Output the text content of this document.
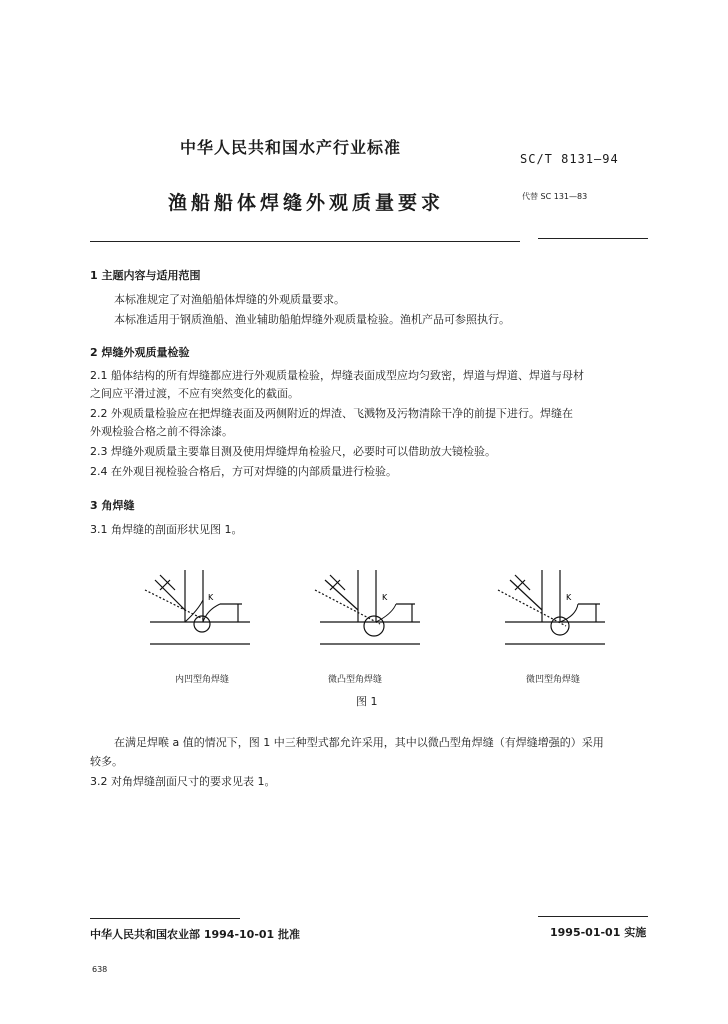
中华人民共和国水产行业标准
SC/T 8131—94
渔船船体焊缝外观质量要求	代替 SC 131—83
1 主题内容与适用范围
本标准规定了对渔船船体焊缝的外观质量要求。
本标准适用于钢质渔船、渔业辅助船舶焊缝外观质量检验。渔机产品可参照执行。
2 焊缝外观质量检验
2.1 船体结构的所有焊缝都应进行外观质量检验，焊缝表面成型应均匀致密，焊道与焊道、焊道与母材
之间应平滑过渡，不应有突然变化的截面。
2.2 外观质量检验应在把焊缝表面及两侧附近的焊渣、飞溅物及污物清除干净的前提下进行。焊缝在
外观检验合格之前不得涂漆。
2.3 焊缝外观质量主要靠目测及使用焊缝焊角检验尺，必要时可以借助放大镜检验。
2.4 在外观目视检验合格后，方可对焊缝的内部质量进行检验。
3 角焊缝
3.1 角焊缝的剖面形状见图 1。
K	K	K
内凹型角焊缝	微凸型角焊缝	微凹型角焊缝
图 1
在满足焊喉 a 值的情况下，图 1 中三种型式都允许采用，其中以微凸型角焊缝（有焊缝增强的）采用
较多。
3.2 对角焊缝剖面尺寸的要求见表 1。
中华人民共和国农业部 1994-10-01 批准	1995-01-01 实施
638
